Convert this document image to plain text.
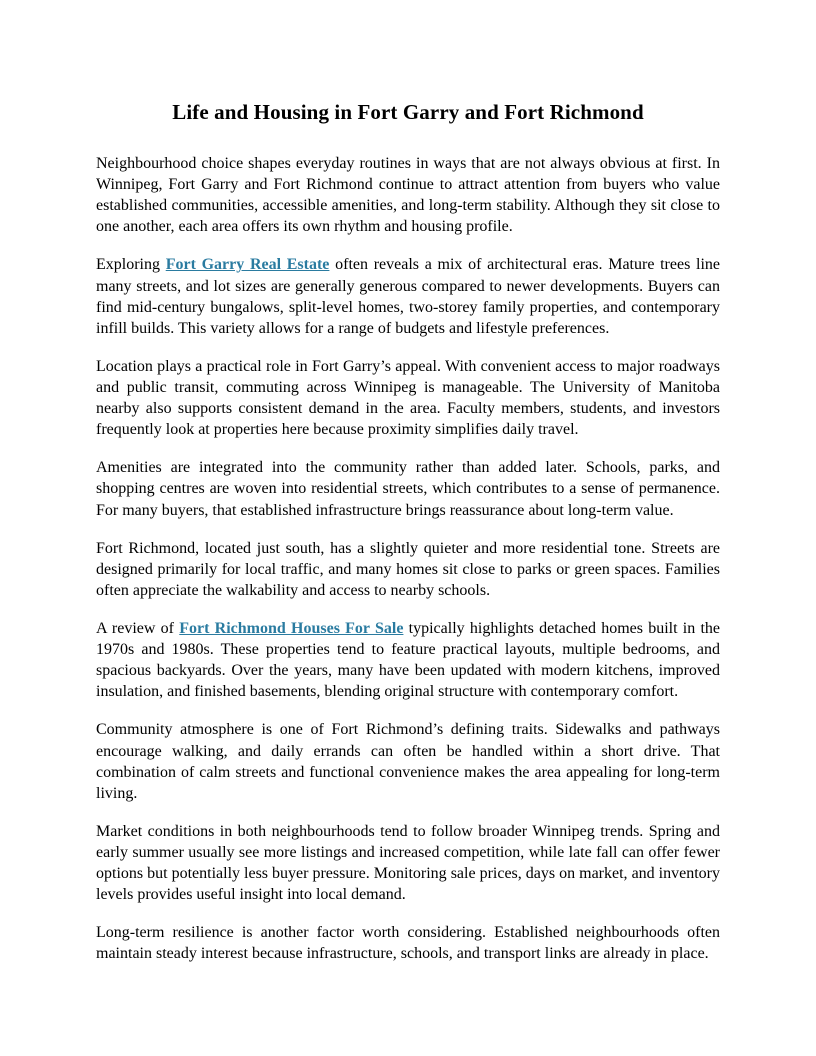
Life and Housing in Fort Garry and Fort Richmond

Neighbourhood choice shapes everyday routines in ways that are not always obvious at first. In Winnipeg, Fort Garry and Fort Richmond continue to attract attention from buyers who value established communities, accessible amenities, and long-term stability. Although they sit close to one another, each area offers its own rhythm and housing profile.

Exploring Fort Garry Real Estate often reveals a mix of architectural eras. Mature trees line many streets, and lot sizes are generally generous compared to newer developments. Buyers can find mid-century bungalows, split-level homes, two-storey family properties, and contemporary infill builds. This variety allows for a range of budgets and lifestyle preferences.

Location plays a practical role in Fort Garry’s appeal. With convenient access to major roadways and public transit, commuting across Winnipeg is manageable. The University of Manitoba nearby also supports consistent demand in the area. Faculty members, students, and investors frequently look at properties here because proximity simplifies daily travel.

Amenities are integrated into the community rather than added later. Schools, parks, and shopping centres are woven into residential streets, which contributes to a sense of permanence. For many buyers, that established infrastructure brings reassurance about long-term value.

Fort Richmond, located just south, has a slightly quieter and more residential tone. Streets are designed primarily for local traffic, and many homes sit close to parks or green spaces. Families often appreciate the walkability and access to nearby schools.

A review of Fort Richmond Houses For Sale typically highlights detached homes built in the 1970s and 1980s. These properties tend to feature practical layouts, multiple bedrooms, and spacious backyards. Over the years, many have been updated with modern kitchens, improved insulation, and finished basements, blending original structure with contemporary comfort.

Community atmosphere is one of Fort Richmond’s defining traits. Sidewalks and pathways encourage walking, and daily errands can often be handled within a short drive. That combination of calm streets and functional convenience makes the area appealing for long-term living.

Market conditions in both neighbourhoods tend to follow broader Winnipeg trends. Spring and early summer usually see more listings and increased competition, while late fall can offer fewer options but potentially less buyer pressure. Monitoring sale prices, days on market, and inventory levels provides useful insight into local demand.

Long-term resilience is another factor worth considering. Established neighbourhoods often maintain steady interest because infrastructure, schools, and transport links are already in place.
